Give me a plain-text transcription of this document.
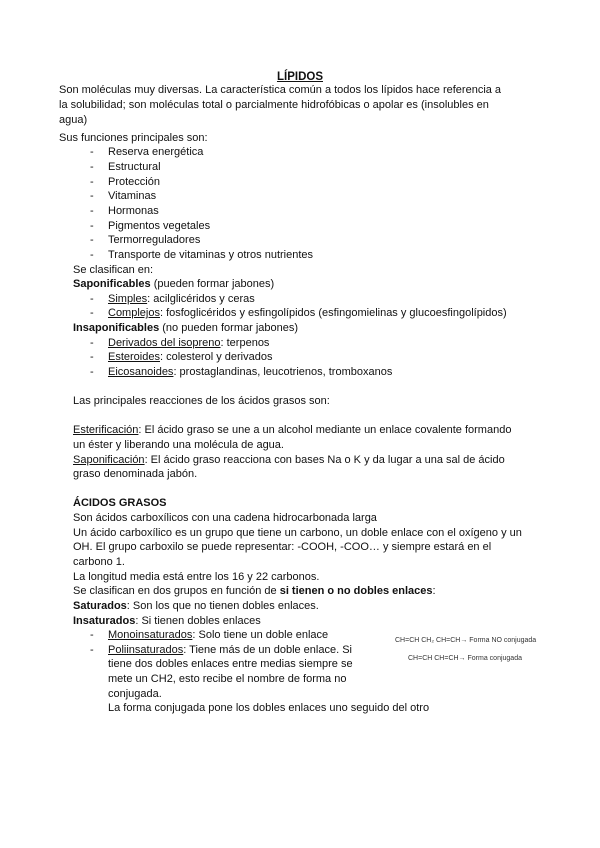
LÍPIDOS

Son moléculas muy diversas. La característica común a todos los lípidos hace referencia a

la solubilidad; son moléculas total o parcialmente hidrofóbicas o apolar es (insolubles en

agua)

Sus funciones principales son:

- Reserva energética

- Estructural

- Protección

- Vitaminas

- Hormonas

- Pigmentos vegetales

- Termorreguladores

- Transporte de vitaminas y otros nutrientes

Se clasifican en:

Saponificables (pueden formar jabones)

- Simples: acilglicéridos y ceras

- Complejos: fosfoglicéridos y esfingolípidos (esfingomielinas y glucoesfingolípidos)

Insaponificables (no pueden formar jabones)

- Derivados del isopreno: terpenos

- Esteroides: colesterol y derivados

- Eicosanoides: prostaglandinas, leucotrienos, tromboxanos

Las principales reacciones de los ácidos grasos son:

Esterificación: El ácido graso se une a un alcohol mediante un enlace covalente formando

un éster y liberando una molécula de agua.

Saponificación: El ácido graso reacciona con bases Na o K y da lugar a una sal de ácido

graso denominada jabón.

ÁCIDOS GRASOS

Son ácidos carboxílicos con una cadena hidrocarbonada larga

Un ácido carboxílico es un grupo que tiene un carbono, un doble enlace con el oxígeno y un

OH. El grupo carboxilo se puede representar: -COOH, -COO… y siempre estará en el

carbono 1.

La longitud media está entre los 16 y 22 carbonos.

Se clasifican en dos grupos en función de si tienen o no dobles enlaces:

Saturados: Son los que no tienen dobles enlaces.

Insaturados: Si tienen dobles enlaces

- Monoinsaturados: Solo tiene un doble enlace

- Poliinsaturados: Tiene más de un doble enlace. Si

tiene dos dobles enlaces entre medias siempre se

mete un CH2, esto recibe el nombre de forma no

conjugada.

La forma conjugada pone los dobles enlaces uno seguido del otro

CH=CH CH₂ CH=CH→ Forma NO conjugada
CH=CH CH=CH→ Forma conjugada
